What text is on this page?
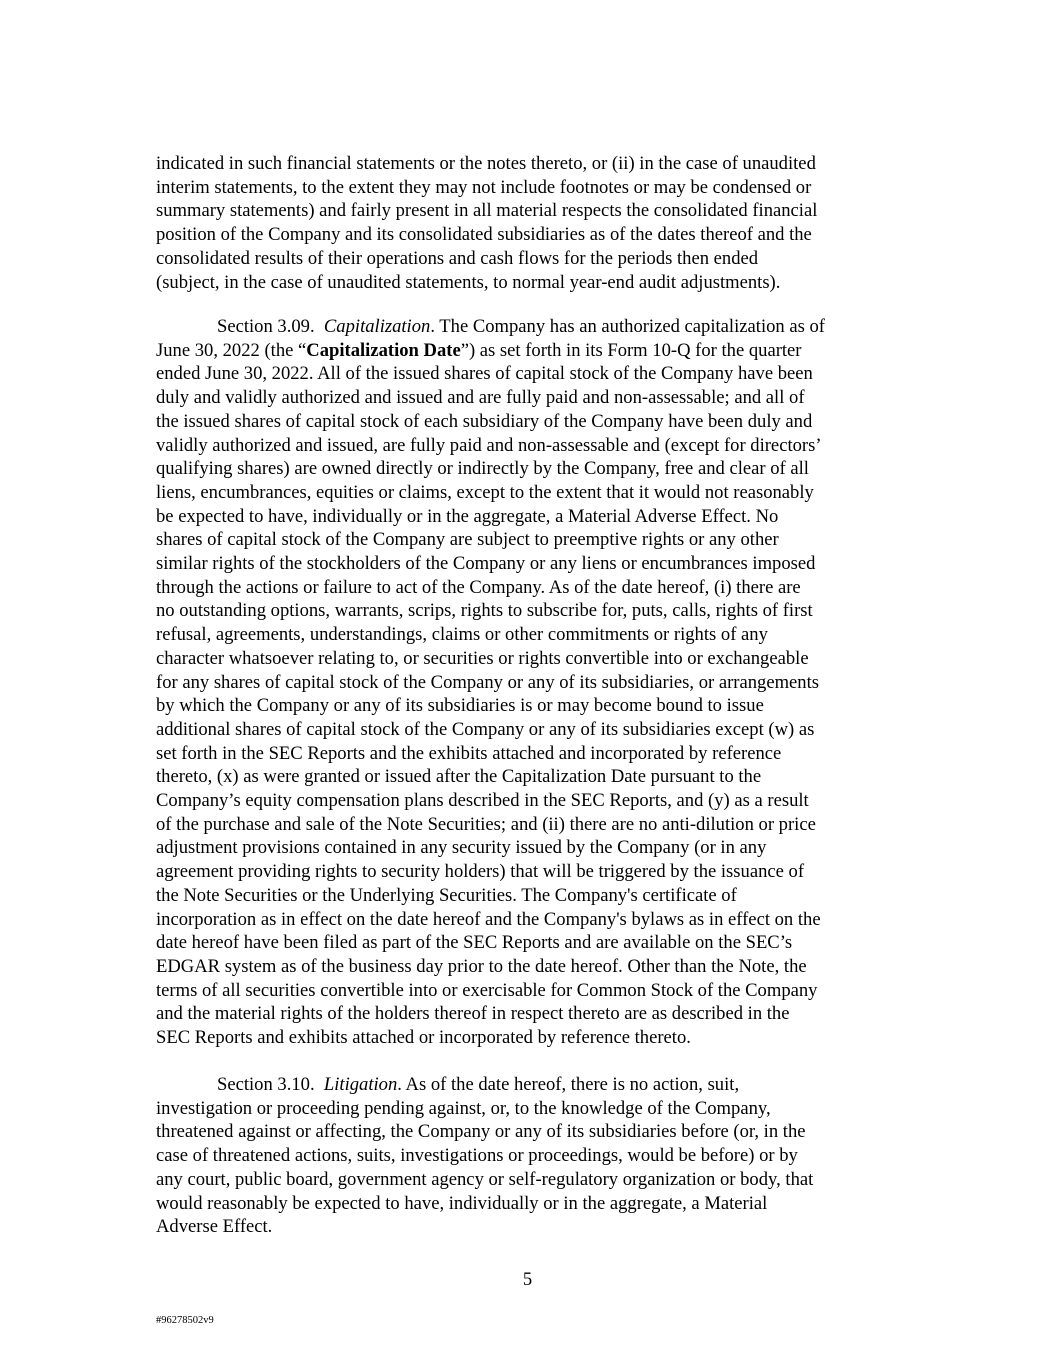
indicated in such financial statements or the notes thereto, or (ii) in the case of unaudited
interim statements, to the extent they may not include footnotes or may be condensed or
summary statements) and fairly present in all material respects the consolidated financial
position of the Company and its consolidated subsidiaries as of the dates thereof and the
consolidated results of their operations and cash flows for the periods then ended
(subject, in the case of unaudited statements, to normal year-end audit adjustments).
Section 3.09. Capitalization. The Company has an authorized capitalization as of
June 30, 2022 (the “Capitalization Date”) as set forth in its Form 10-Q for the quarter
ended June 30, 2022. All of the issued shares of capital stock of the Company have been
duly and validly authorized and issued and are fully paid and non-assessable; and all of
the issued shares of capital stock of each subsidiary of the Company have been duly and
validly authorized and issued, are fully paid and non-assessable and (except for directors’
qualifying shares) are owned directly or indirectly by the Company, free and clear of all
liens, encumbrances, equities or claims, except to the extent that it would not reasonably
be expected to have, individually or in the aggregate, a Material Adverse Effect. No
shares of capital stock of the Company are subject to preemptive rights or any other
similar rights of the stockholders of the Company or any liens or encumbrances imposed
through the actions or failure to act of the Company. As of the date hereof, (i) there are
no outstanding options, warrants, scrips, rights to subscribe for, puts, calls, rights of first
refusal, agreements, understandings, claims or other commitments or rights of any
character whatsoever relating to, or securities or rights convertible into or exchangeable
for any shares of capital stock of the Company or any of its subsidiaries, or arrangements
by which the Company or any of its subsidiaries is or may become bound to issue
additional shares of capital stock of the Company or any of its subsidiaries except (w) as
set forth in the SEC Reports and the exhibits attached and incorporated by reference
thereto, (x) as were granted or issued after the Capitalization Date pursuant to the
Company’s equity compensation plans described in the SEC Reports, and (y) as a result
of the purchase and sale of the Note Securities; and (ii) there are no anti-dilution or price
adjustment provisions contained in any security issued by the Company (or in any
agreement providing rights to security holders) that will be triggered by the issuance of
the Note Securities or the Underlying Securities. The Company's certificate of
incorporation as in effect on the date hereof and the Company's bylaws as in effect on the
date hereof have been filed as part of the SEC Reports and are available on the SEC’s
EDGAR system as of the business day prior to the date hereof. Other than the Note, the
terms of all securities convertible into or exercisable for Common Stock of the Company
and the material rights of the holders thereof in respect thereto are as described in the
SEC Reports and exhibits attached or incorporated by reference thereto.
Section 3.10. Litigation. As of the date hereof, there is no action, suit,
investigation or proceeding pending against, or, to the knowledge of the Company,
threatened against or affecting, the Company or any of its subsidiaries before (or, in the
case of threatened actions, suits, investigations or proceedings, would be before) or by
any court, public board, government agency or self-regulatory organization or body, that
would reasonably be expected to have, individually or in the aggregate, a Material
Adverse Effect.
5
#96278502v9
